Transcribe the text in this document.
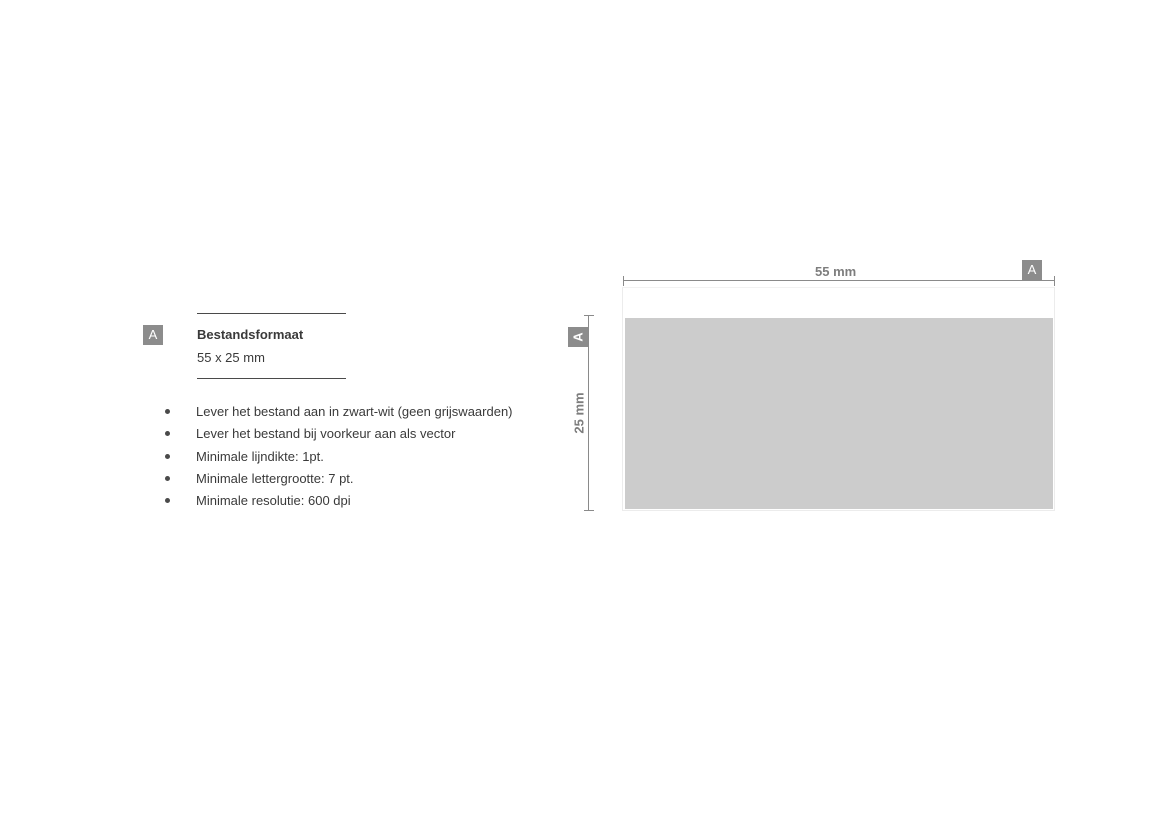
A	Bestandsformaat
55 x 25 mm
Lever het bestand aan in zwart-wit (geen grijswaarden)
Lever het bestand bij voorkeur aan als vector
Minimale lijndikte: 1pt.
Minimale lettergrootte: 7 pt.
Minimale resolutie: 600 dpi
55 mm	A
A
25 mm
